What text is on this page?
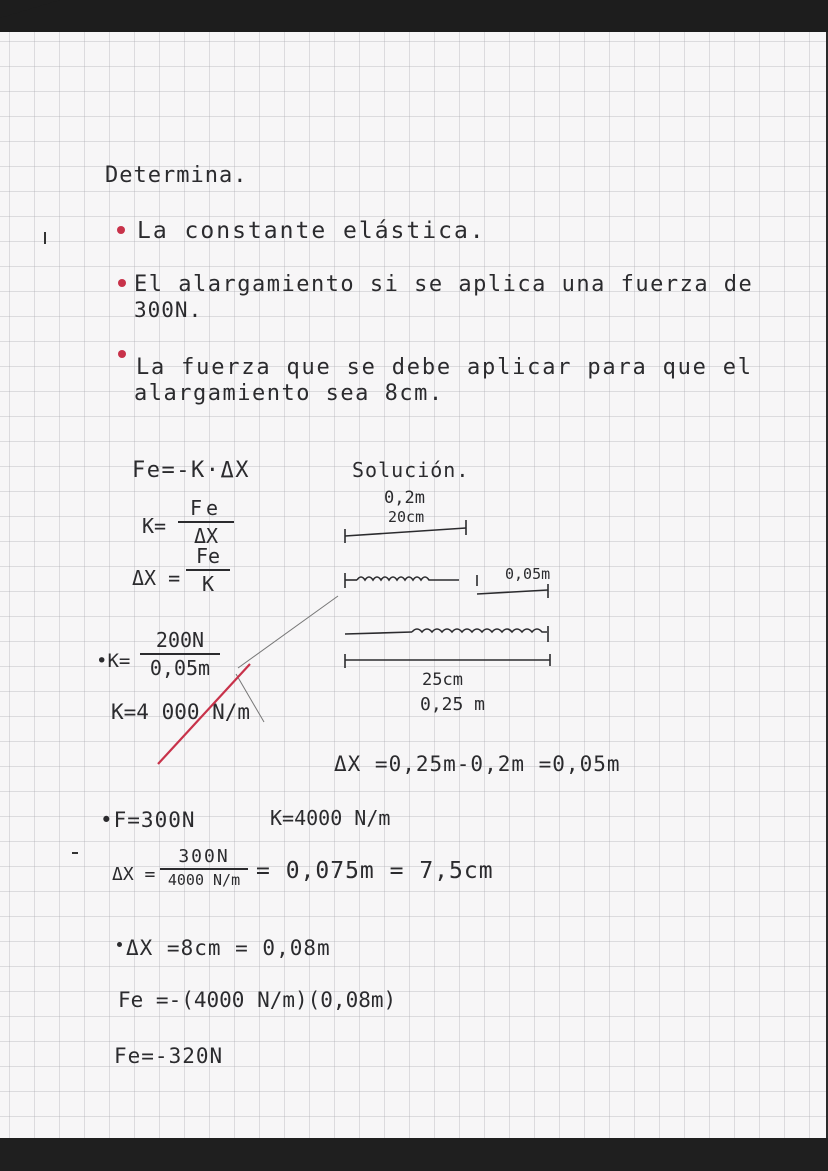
Determina.
La constante elástica.
El alargamiento si se aplica una fuerza de
300N.
La fuerza que se debe aplicar para que el
alargamiento sea 8cm.
Fe=-K·ΔX
K=
Fe
ΔX
ΔX =
Fe
K
•K=
200N
0,05m
K=4 000 N/m
Solución.
0,2m
20cm
0,05m
25cm
0,25 m
ΔX =0,25m-0,2m =0,05m
•F=300N	K=4000 N/m
ΔX =
300N
4000 N/m = 0,075m = 7,5cm
ΔX =8cm = 0,08m
Fe =-(4000 N/m)(0,08m)
Fe=-320N
